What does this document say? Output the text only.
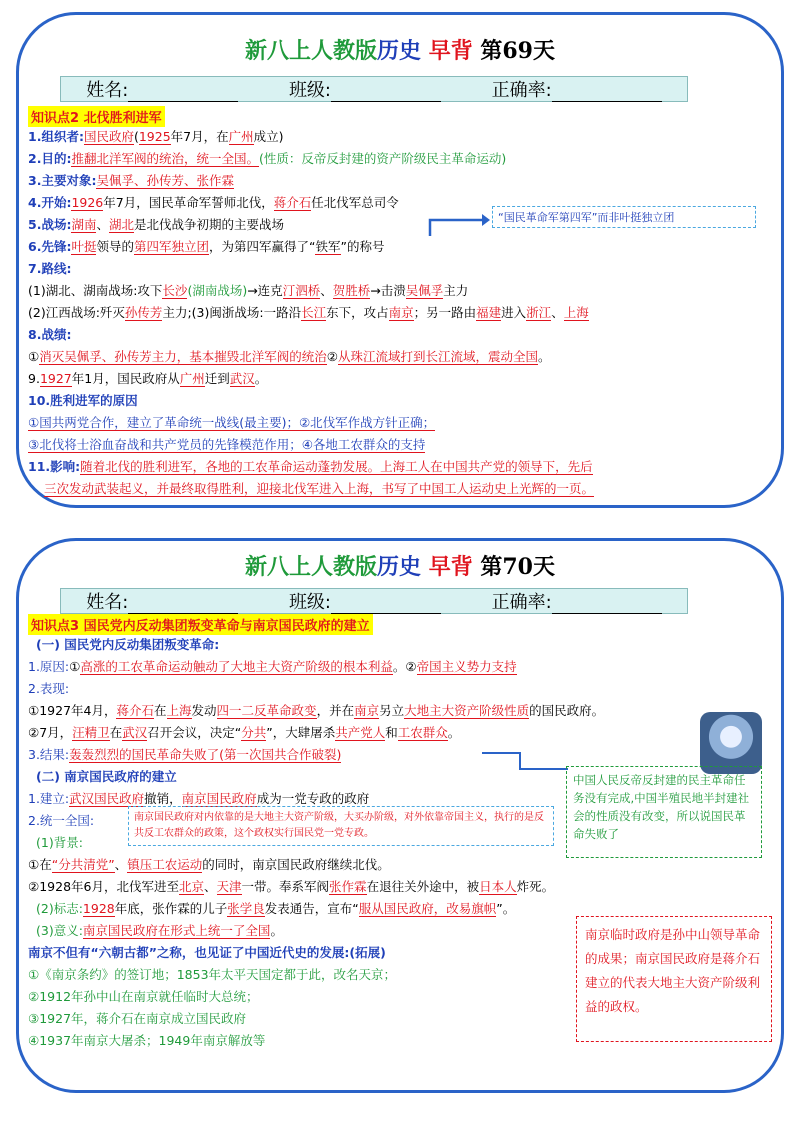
新八上人教版历史 早背 第69天
姓名:	班级:	正确率:
知识点2 北伐胜利进军
1.组织者:国民政府(1925年7月，在广州成立)
2.目的:推翻北洋军阀的统治，统一全国。(性质：反帝反封建的资产阶级民主革命运动)
3.主要对象:吴佩孚、孙传芳、张作霖
4.开始:1926年7月，国民革命军誓师北伐，蒋介石任北伐军总司令
5.战场:湖南、湖北是北伐战争初期的主要战场	“国民革命军第四军”而非叶挺独立团
6.先锋:叶挺领导的第四军独立团，为第四军赢得了“铁军”的称号
7.路线:
(1)湖北、湖南战场:攻下长沙(湖南战场)→连克汀泗桥、贺胜桥→击溃吴佩孚主力
(2)江西战场:歼灭孙传芳主力;(3)闽浙战场:一路沿长江东下，攻占南京；另一路由福建进入浙江、上海
8.战绩:
①消灭吴佩孚、孙传芳主力，基本摧毁北洋军阀的统治②从珠江流域打到长江流域，震动全国。
9.1927年1月，国民政府从广州迁到武汉。
10.胜利进军的原因
①国共两党合作，建立了革命统一战线(最主要)；②北伐军作战方针正确；
③北伐将士浴血奋战和共产党员的先锋模范作用；④各地工农群众的支持
11.影响:随着北伐的胜利进军，各地的工农革命运动蓬勃发展。上海工人在中国共产党的领导下，先后
三次发动武装起义，并最终取得胜利，迎接北伐军进入上海，书写了中国工人运动史上光辉的一页。
新八上人教版历史 早背 第70天
姓名:	班级:	正确率:
知识点3 国民党内反动集团叛变革命与南京国民政府的建立
(一) 国民党内反动集团叛变革命:
1.原因:①高涨的工农革命运动触动了大地主大资产阶级的根本利益。②帝国主义势力支持
2.表现:
①1927年4月，蒋介石在上海发动四一二反革命政变，并在南京另立大地主大资产阶级性质的国民政府。
②7月，汪精卫在武汉召开会议，决定“分共”，大肆屠杀共产党人和工农群众。
3.结果:轰轰烈烈的国民革命失败了(第一次国共合作破裂)
中国人民反帝反封建的民主革命任务没有完成,中国半殖民地半封建社会的性质没有改变，所以说国民革命失败了
(二) 南京国民政府的建立
1.建立:武汉国民政府撤销，南京国民政府成为一党专政的政府
2.统一全国:
(1)背景:
南京国民政府对内依靠的是大地主大资产阶级，大买办阶级，对外依靠帝国主义，执行的是反共反工农群众的政策，这个政权实行国民党一党专政。
①在“分共清党”、镇压工农运动的同时，南京国民政府继续北伐。
②1928年6月，北伐军进至北京、天津一带。奉系军阀张作霖在退往关外途中，被日本人炸死。
(2)标志:1928年底，张作霖的儿子张学良发表通告，宣布“服从国民政府，改易旗帜”。
(3)意义:南京国民政府在形式上统一了全国。
南京不但有“六朝古都”之称，也见证了中国近代史的发展:(拓展)
①《南京条约》的签订地；1853年太平天国定都于此，改名天京；
②1912年孙中山在南京就任临时大总统；
③1927年，蒋介石在南京成立国民政府
④1937年南京大屠杀；1949年南京解放等
南京临时政府是孙中山领导革命的成果；南京国民政府是蒋介石建立的代表大地主大资产阶级利益的政权。
